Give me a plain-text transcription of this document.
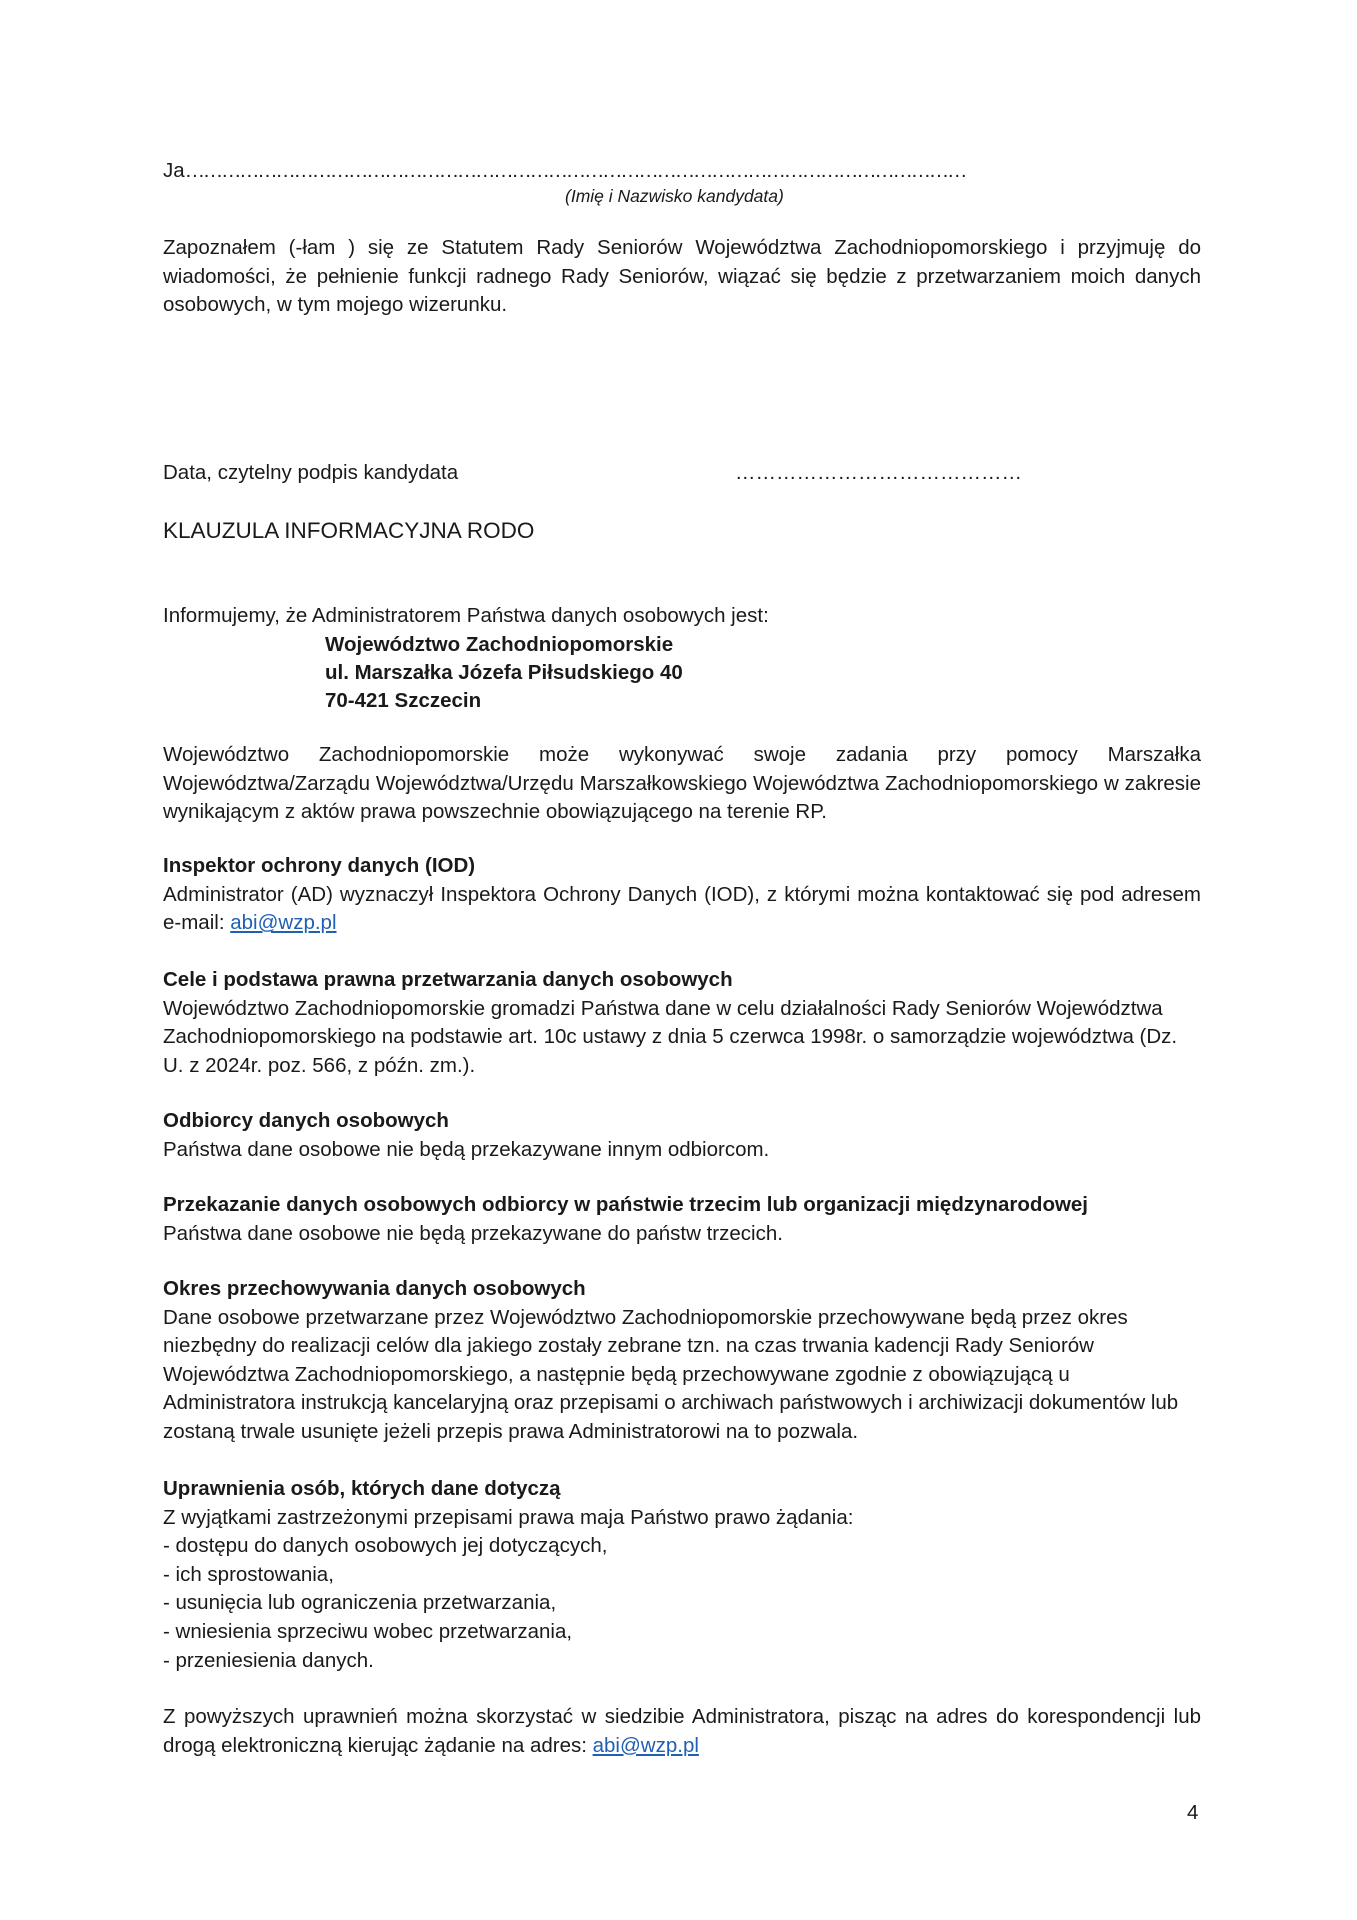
Ja…………………………………………………………………………………………………………………
(Imię i Nazwisko kandydata)
Zapoznałem (-łam ) się ze Statutem Rady Seniorów Województwa Zachodniopomorskiego i przyjmuję do wiadomości, że pełnienie funkcji radnego Rady Seniorów, wiązać się będzie z przetwarzaniem moich danych osobowych, w tym mojego wizerunku.
Data, czytelny podpis kandydata	……………………………………
KLAUZULA INFORMACYJNA RODO
Informujemy, że Administratorem Państwa danych osobowych jest:
Województwo Zachodniopomorskie
ul. Marszałka Józefa Piłsudskiego 40
70-421 Szczecin
Województwo Zachodniopomorskie może wykonywać swoje zadania przy pomocy Marszałka Województwa/Zarządu Województwa/Urzędu Marszałkowskiego Województwa Zachodniopomorskiego w zakresie wynikającym z aktów prawa powszechnie obowiązującego na terenie RP.
Inspektor ochrony danych (IOD)
Administrator (AD) wyznaczył Inspektora Ochrony Danych (IOD), z którymi można kontaktować się pod adresem e-mail: abi@wzp.pl
Cele i podstawa prawna przetwarzania danych osobowych
Województwo Zachodniopomorskie gromadzi Państwa dane w celu działalności Rady Seniorów Województwa Zachodniopomorskiego na podstawie art. 10c ustawy z dnia 5 czerwca 1998r. o samorządzie województwa (Dz. U. z 2024r. poz. 566, z późn. zm.).
Odbiorcy danych osobowych
Państwa dane osobowe nie będą przekazywane innym odbiorcom.
Przekazanie danych osobowych odbiorcy w państwie trzecim lub organizacji międzynarodowej
Państwa dane osobowe nie będą przekazywane do państw trzecich.
Okres przechowywania danych osobowych
Dane osobowe przetwarzane przez Województwo Zachodniopomorskie przechowywane będą przez okres niezbędny do realizacji celów dla jakiego zostały zebrane tzn. na czas trwania kadencji Rady Seniorów Województwa Zachodniopomorskiego, a następnie będą przechowywane zgodnie z obowiązującą u Administratora instrukcją kancelaryjną oraz przepisami o archiwach państwowych i archiwizacji dokumentów lub zostaną trwale usunięte jeżeli przepis prawa Administratorowi na to pozwala.
Uprawnienia osób, których dane dotyczą
Z wyjątkami zastrzeżonymi przepisami prawa maja Państwo prawo żądania:
- dostępu do danych osobowych jej dotyczących,
- ich sprostowania,
- usunięcia lub ograniczenia przetwarzania,
- wniesienia sprzeciwu wobec przetwarzania,
- przeniesienia danych.
Z powyższych uprawnień można skorzystać w siedzibie Administratora, pisząc na adres do korespondencji lub drogą elektroniczną kierując żądanie na adres: abi@wzp.pl
4
